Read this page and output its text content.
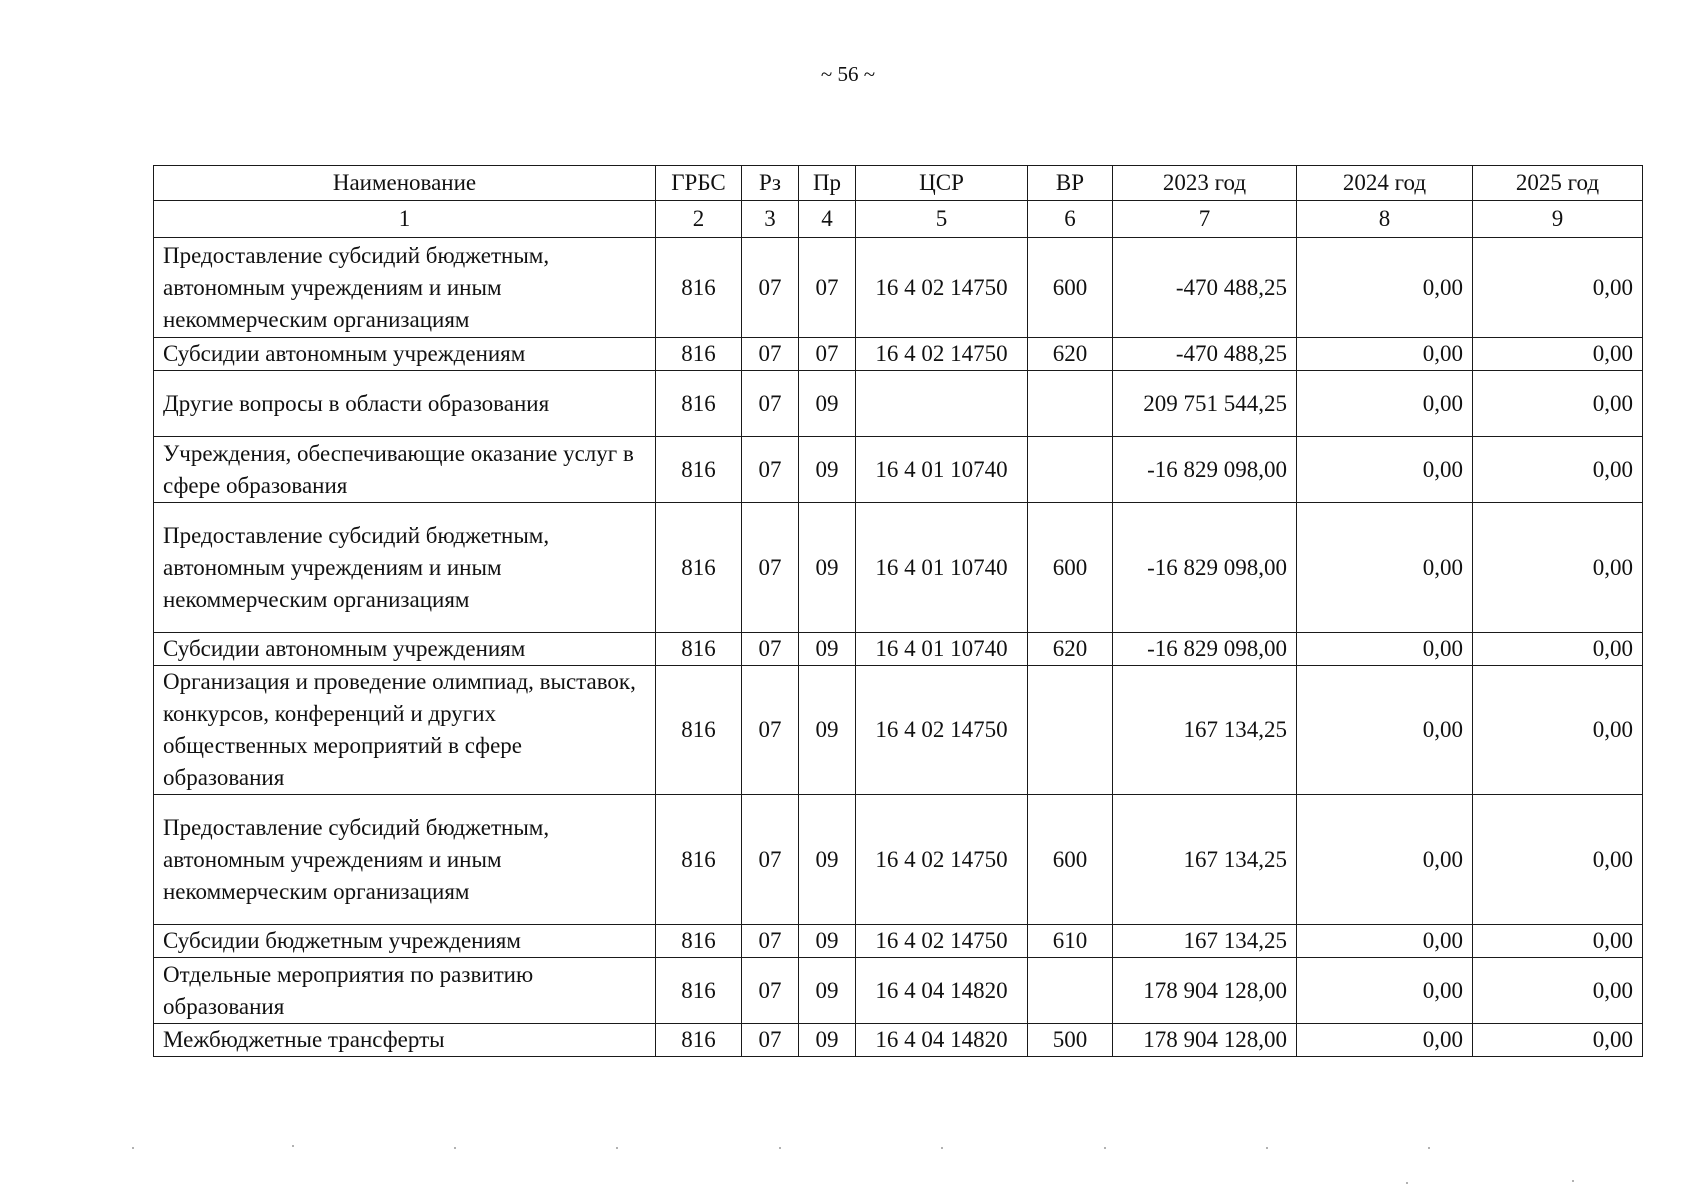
~ 56 ~
Наименование	ГРБС	Рз	Пр	ЦСР	ВР	2023 год	2024 год	2025 год
1	2	3	4	5	6	7	8	9
Предоставление субсидий бюджетным, автономным учреждениям и иным некоммерческим организациям	816	07	07	16 4 02 14750	600	-470 488,25	0,00	0,00
Субсидии автономным учреждениям	816	07	07	16 4 02 14750	620	-470 488,25	0,00	0,00
Другие вопросы в области образования	816	07	09			209 751 544,25	0,00	0,00
Учреждения, обеспечивающие оказание услуг в сфере образования	816	07	09	16 4 01 10740		-16 829 098,00	0,00	0,00
Предоставление субсидий бюджетным, автономным учреждениям и иным некоммерческим организациям	816	07	09	16 4 01 10740	600	-16 829 098,00	0,00	0,00
Субсидии автономным учреждениям	816	07	09	16 4 01 10740	620	-16 829 098,00	0,00	0,00
Организация и проведение олимпиад, выставок, конкурсов, конференций и других общественных мероприятий в сфере образования	816	07	09	16 4 02 14750		167 134,25	0,00	0,00
Предоставление субсидий бюджетным, автономным учреждениям и иным некоммерческим организациям	816	07	09	16 4 02 14750	600	167 134,25	0,00	0,00
Субсидии бюджетным учреждениям	816	07	09	16 4 02 14750	610	167 134,25	0,00	0,00
Отдельные мероприятия по развитию образования	816	07	09	16 4 04 14820		178 904 128,00	0,00	0,00
Межбюджетные трансферты	816	07	09	16 4 04 14820	500	178 904 128,00	0,00	0,00
